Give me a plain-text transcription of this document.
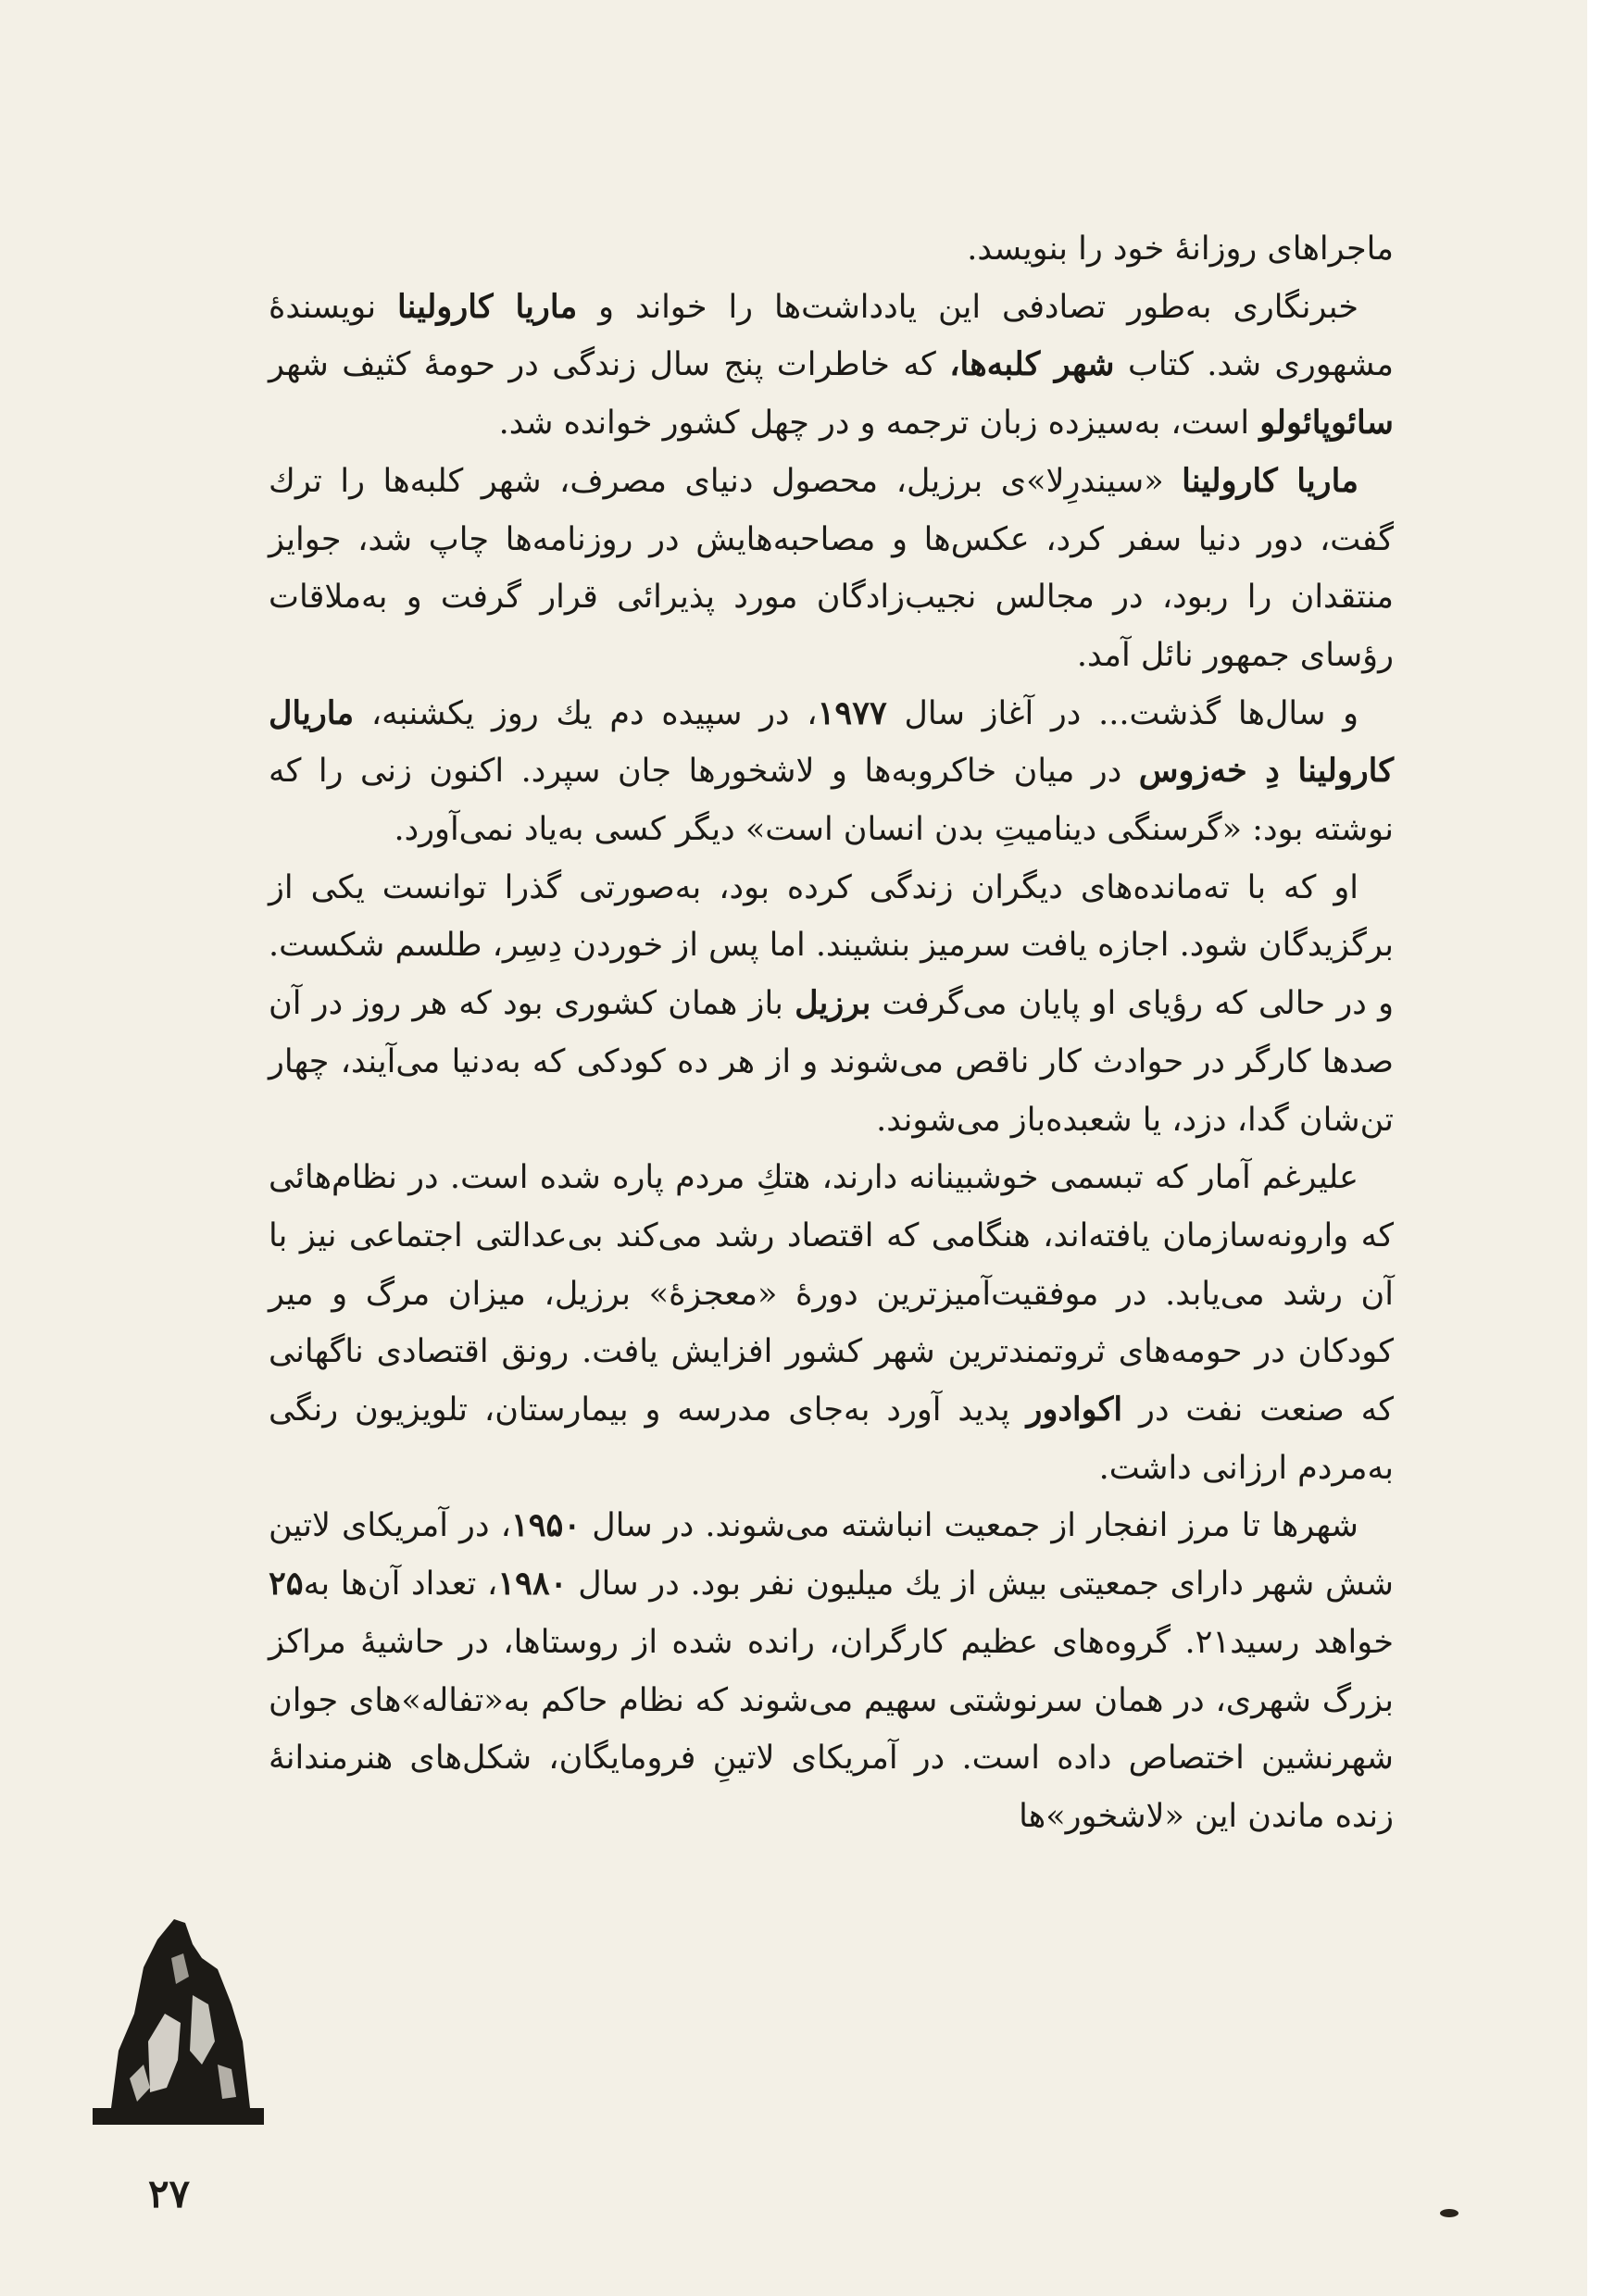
ماجراهای روزانهٔ خود را بنویسد.

خبرنگاری به‌طور تصادفی این یادداشت‌ها را خواند و ماریا کارولینا نویسندهٔ مشهوری شد. کتاب شهر کلبه‌ها، که خاطرات پنج سال زندگی در حومهٔ کثیف شهر سائوپائولو است، به‌سیزده زبان ترجمه و در چهل کشور خوانده شد.

ماریا کارولینا «سیندرِلا»ی برزیل، محصول دنیای مصرف، شهر کلبه‌ها را ترك گفت، دور دنیا سفر کرد، عکس‌ها و مصاحبه‌هایش در روزنامه‌ها چاپ شد، جوایز منتقدان را ربود، در مجالس نجیب‌زادگان مورد پذیرائی قرار گرفت و به‌ملاقات رؤسای جمهور نائل آمد.

و سال‌ها گذشت... در آغاز سال ۱۹۷۷، در سپیده دم یك روز یکشنبه، ماریال کارولینا دِ خه‌زوس در میان خاکروبه‌ها و لاشخورها جان سپرد. اکنون زنی را که نوشته بود: «گرسنگی دینامیتِ بدن انسان است» دیگر کسی به‌یاد نمی‌آورد.

او که با ته‌مانده‌های دیگران زندگی کرده بود، به‌صورتی گذرا توانست یکی از برگزیدگان شود. اجازه یافت سرمیز بنشیند. اما پس از خوردن دِسِر، طلسم شکست. و در حالی که رؤیای او پایان می‌گرفت برزیل باز همان کشوری بود که هر روز در آن صدها کارگر در حوادث کار ناقص می‌شوند و از هر ده کودکی که به‌دنیا می‌آیند، چهار تن‌شان گدا، دزد، یا شعبده‌باز می‌شوند.

علیرغم آمار که تبسمی خوشبینانه دارند، هتكِ مردم پاره شده است. در نظام‌هائی که وارونه‌سازمان یافته‌اند، هنگامی که اقتصاد رشد می‌کند بی‌عدالتی اجتماعی نیز با آن رشد می‌یابد. در موفقیت‌آمیزترین دورهٔ «معجزهٔ» برزیل، میزان مرگ و میر کودکان در حومه‌های ثروتمندترین شهر کشور افزایش یافت. رونق اقتصادی ناگهانی که صنعت نفت در اکوادور پدید آورد به‌جای مدرسه و بیمارستان، تلویزیون رنگی به‌مردم ارزانی داشت.

شهرها تا مرز انفجار از جمعیت انباشته می‌شوند. در سال ۱۹۵۰، در آمریکای لاتین شش شهر دارای جمعیتی بیش از یك میلیون نفر بود. در سال ۱۹۸۰، تعداد آن‌ها به۲۵ خواهد رسید۲۱. گروه‌های عظیم کارگران، رانده شده از روستاها، در حاشیهٔ مراکز بزرگ شهری، در همان سرنوشتی سهیم می‌شوند که نظام حاکم به«تفاله»های جوان شهرنشین اختصاص داده است. در آمریکای لاتینِ فرومایگان، شکل‌های هنرمندانهٔ زنده ماندن این «لاشخور»ها

۲۷
